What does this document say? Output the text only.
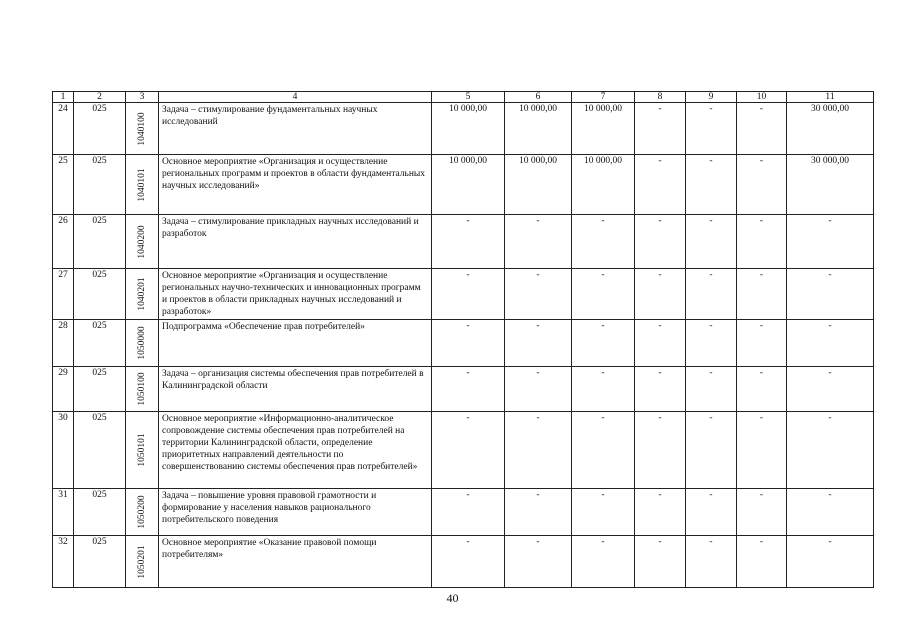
1	2	3	4	5	6	7	8	9	10	11
24	025	1040100	Задача – стимулирование фундаментальных научных исследований	10 000,00	10 000,00	10 000,00	-	-	-	30 000,00
25	025	1040101	Основное мероприятие «Организация и осуществление региональных программ и проектов в области фундаментальных научных исследований»	10 000,00	10 000,00	10 000,00	-	-	-	30 000,00
26	025	1040200	Задача – стимулирование прикладных научных исследований и разработок	-	-	-	-	-	-	-
27	025	1040201	Основное мероприятие «Организация и осуществление региональных научно-технических и инновационных программ и проектов в области прикладных научных исследований и разработок»	-	-	-	-	-	-	-
28	025	1050000	Подпрограмма «Обеспечение прав потребителей»	-	-	-	-	-	-	-
29	025	1050100	Задача – организация системы обеспечения прав потребителей в Калининградской области	-	-	-	-	-	-	-
30	025	1050101	Основное мероприятие «Информационно-аналитическое сопровождение системы обеспечения прав потребителей на территории Калининградской области, определение приоритетных направлений деятельности по совершенствованию системы обеспечения прав потребителей»	-	-	-	-	-	-	-
31	025	1050200	Задача – повышение уровня правовой грамотности и формирование у населения навыков рационального потребительского поведения	-	-	-	-	-	-	-
32	025	1050201	Основное мероприятие «Оказание правовой помощи потребителям»	-	-	-	-	-	-	-
40
